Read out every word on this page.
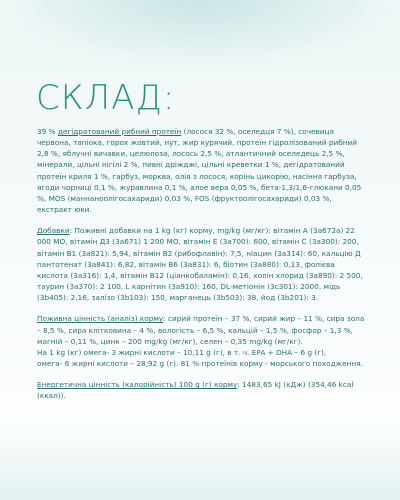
СКЛАД:

39 % дегідратований рибний протеїн (лосося 32 %, оселедця 7 %), сочевиця червона, тапіока, горох жовтий, нут, жир курячий, протеїн гідролізований рибний 2,8 %, яблучні вичавки, целюлоза, лосось 2,5 %, атлантичний оселедець 2,5 %, мінерали, цільні нігілі 2 %, пивні дріжджі, цільні креветки 1 %, дегідратований протеїн криля 1 %, гарбуз, морква, олія з лосося, корінь цикорію, насіння гарбуза, ягоди чорниці 0,1 %, журавлина 0,1 %, алое вера 0,05 %, бета-1,3/1,6-глюкани 0,05 %, MOS (маннаноолігосахариди) 0,03 %, FOS (фруктоолігосахариди) 0,03 %, екстракт юки.

Добавки: Поживні добавки на 1 kg (кг) корму, mg/kg (мг/кг): вітамін А (3а672а) 22 000 МО, вітамін Д3 (3а671) 1 200 МО, вітамін Е (3а700): 600, вітамін С (3а300): 200, вітамін В1 (3а821): 5,94, вітамін В2 (рибофлавін): 7,5, ніацин (3а314): 60, кальцію Д пантотенат (3а841): 6,82, вітамін В6 (3а831): 6, біотин (3а880): 0,13, фолієва кислота (3а316): 1,4, вітамін В12 (ціанкобаламін): 0,16, холін хлорид (3а890): 2 500, таурин (3а370): 2 100, L карнітин (3а910): 160, DL-метіонін (3с301): 2000, мідь (3b405): 2,16, залізо (3b103): 150, марганець (3b503): 38, йод (3b201): 3.

Поживна цінність (аналіз) корму: сирий протеїн – 37 %, сирий жир – 11 %, сира зола – 8,5 %, сира клітковина – 4 %, вологість – 6,5 %, кальцій – 1,5 %, фосфор – 1,3 %, магній – 0,11 %, цинк – 200 mg/kg (мг/кг), селен – 0,35 mg/kg (мг/кг).
На 1 kg (кг) омега- 3 жирні кислоти – 10,11 g (г), в т. ч. EPA + DHA – 6 g (г),
омега- 6 жирні кислоти – 28,92 g (г). 81 % протеїнів корму - морського походження.

Енергетична цінність (калорійність) 100 g (г) корму: 1483,65 kJ (кДж) (354,46 kcal (ккал)).
